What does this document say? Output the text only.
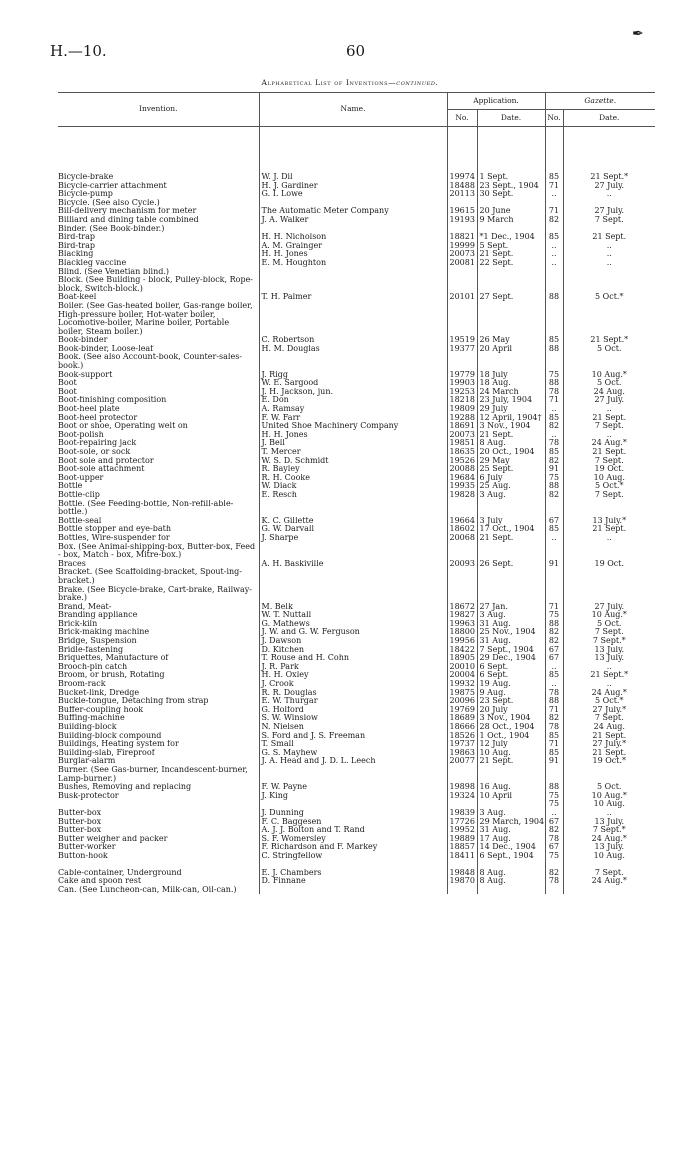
H.—10.	60
✒
Alphabetical List of Inventions—continued.
Invention.	Name.	Application.		Gazette.	
		No.	Date.	No.	Date.

Bicycle-brake	W. J. Dil	19974	1 Sept.	85	21 Sept.*
Bicycle-carrier attachment	H. J. Gardiner	18488	23 Sept., 1904	71	27 July.
Bicycle-pump	G. I. Lowe	20113	30 Sept.	..	..
Bicycle. (See also Cycle.)					
Bill-delivery mechanism for meter	The Automatic Meter Company	19615	20 June	71	27 July.
Billiard and dining table combined	J. A. Walker	19193	9 March	82	7 Sept.
Binder. (See Book-binder.)					
Bird-trap	H. H. Nicholson	18821	*1 Dec., 1904	85	21 Sept.
Bird-trap	A. M. Grainger	19999	5 Sept.	..	..
Blacking	H. H. Jones	20073	21 Sept.	..	..
Blackleg vaccine	E. M. Houghton	20081	22 Sept.	..	..
Blind. (See Venetian blind.)					
Block. (See Building - block, Pulley-block, Rope-block, Switch-block.)					
Boat-keel	T. H. Palmer	20101	27 Sept.	88	5 Oct.*
Boiler. (See Gas-heated boiler, Gas-range boiler, High-pressure boiler, Hot-water boiler, Locomotive-boiler, Marine boiler, Portable boiler, Steam boiler.)					
Book-binder	C. Robertson	19519	26 May	85	21 Sept.*
Book-binder, Loose-leaf	H. M. Douglas	19377	20 April	88	5 Oct.
Book. (See also Account-book, Counter-sales-book.)					
Book-support	J. Rigg	19779	18 July	75	10 Aug.*
Boot	W. E. Sargood	19903	18 Aug.	88	5 Oct.
Boot	J. H. Jackson, jun.	19253	24 March	78	24 Aug.
Boot-finishing composition	E. Don	18218	23 July, 1904	71	27 July.
Boot-heel plate	A. Ramsay	19809	29 July	..	..
Boot-heel protector	F. W. Farr	19288	12 April, 1904†	85	21 Sept.
Boot or shoe, Operating welt on	United Shoe Machinery Company	18691	3 Nov., 1904	82	7 Sept.
Boot-polish	H. H. Jones	20073	21 Sept.	..	..
Boot-repairing jack	J. Bell	19851	8 Aug.	78	24 Aug.*
Boot-sole, or sock	T. Mercer	18635	20 Oct., 1904	85	21 Sept.
Boot sole and protector	W. S. D. Schmidt	19526	29 May	82	7 Sept.
Boot-sole attachment	R. Bayley	20088	25 Sept.	91	19 Oct.
Boot-upper	R. H. Cooke	19684	6 July	75	10 Aug.
Bottle	W. Diack	19935	25 Aug.	88	5 Oct.*
Bottle-clip	E. Resch	19828	3 Aug.	82	7 Sept.
Bottle. (See Feeding-bottle, Non-refill-able-bottle.)					
Bottle-seal	K. C. Gillette	19664	3 July	67	13 July.*
Bottle stopper and eye-bath	G. W. Darvall	18602	17 Oct., 1904	85	21 Sept.
Bottles, Wire-suspender for	J. Sharpe	20068	21 Sept.	..	..
Box. (See Animal-shipping-box, Butter-box, Feed - box, Match - box, Mitre-box.)					
Braces	A. H. Baskiville	20093	26 Sept.	91	19 Oct.
Bracket. (See Scaffolding-bracket, Spout-ing-bracket.)					
Brake. (See Bicycle-brake, Cart-brake, Railway-brake.)					
Brand, Meat-	M. Belk	18672	27 Jan.	71	27 July.
Branding appliance	W. T. Nuttall	19827	3 Aug.	75	10 Aug.*
Brick-kiln	G. Mathews	19963	31 Aug.	88	5 Oct.
Brick-making machine	J. W. and G. W. Ferguson	18800	25 Nov., 1904	82	7 Sept.
Bridge, Suspension	J. Dawson	19956	31 Aug.	82	7 Sept.*
Bridle-fastening	D. Kitchen	18422	7 Sept., 1904	67	13 July.
Briquettes, Manufacture of	T. Rouse and H. Cohn	18905	29 Dec., 1904	67	13 July.
Brooch-pin catch	J. R. Park	20010	6 Sept.	..	..
Broom, or brush, Rotating	H. H. Oxley	20004	6 Sept.	85	21 Sept.*
Broom-rack	J. Crook	19932	19 Aug.	..	..
Bucket-link, Dredge	R. R. Douglas	19875	9 Aug.	78	24 Aug.*
Buckle-tongue, Detaching from strap	E. W. Thurgar	20096	23 Sept.	88	5 Oct.*
Buffer-coupling hook	G. Holford	19769	20 July	71	27 July.*
Buffing-machine	S. W. Winslow	18689	3 Nov., 1904	82	7 Sept.
Building-block	N. Nielsen	18666	28 Oct., 1904	78	24 Aug.
Building-block compound	S. Ford and J. S. Freeman	18526	1 Oct., 1904	85	21 Sept.
Buildings, Heating system for	T. Small	19737	12 July	71	27 July.*
Building-slab, Fireproof	G. S. Mayhew	19863	10 Aug.	85	21 Sept.
Burglar-alarm	J. A. Head and J. D. L. Leech	20077	21 Sept.	91	19 Oct.*
Burner. (See Gas-burner, Incandescent-burner, Lamp-burner.)					
Bushes, Removing and replacing	F. W. Payne	19898	16 Aug.	88	5 Oct.
Busk-protector	J. King	19324	10 April	75	10 Aug.*
				75	10 Aug.
Butter-box	J. Dunning	19839	3 Aug.	..	..
Butter-box	F. C. Baggesen	17726	29 March, 1904	67	13 July.
Butter-box	A. J. J. Bolton and T. Rand	19952	31 Aug.	82	7 Sept.*
Butter weigher and packer	S. F. Womersley	19889	17 Aug.	78	24 Aug.*
Butter-worker	F. Richardson and F. Markey	18857	14 Dec., 1904	67	13 July.
Button-hook	C. Stringfellow	18411	6 Sept., 1904	75	10 Aug.

Cable-container, Underground	E. J. Chambers	19848	8 Aug.	82	7 Sept.
Cake and spoon rest	D. Finnane	19870	8 Aug.	78	24 Aug.*
Can. (See Luncheon-can, Milk-can, Oil-can.)					
